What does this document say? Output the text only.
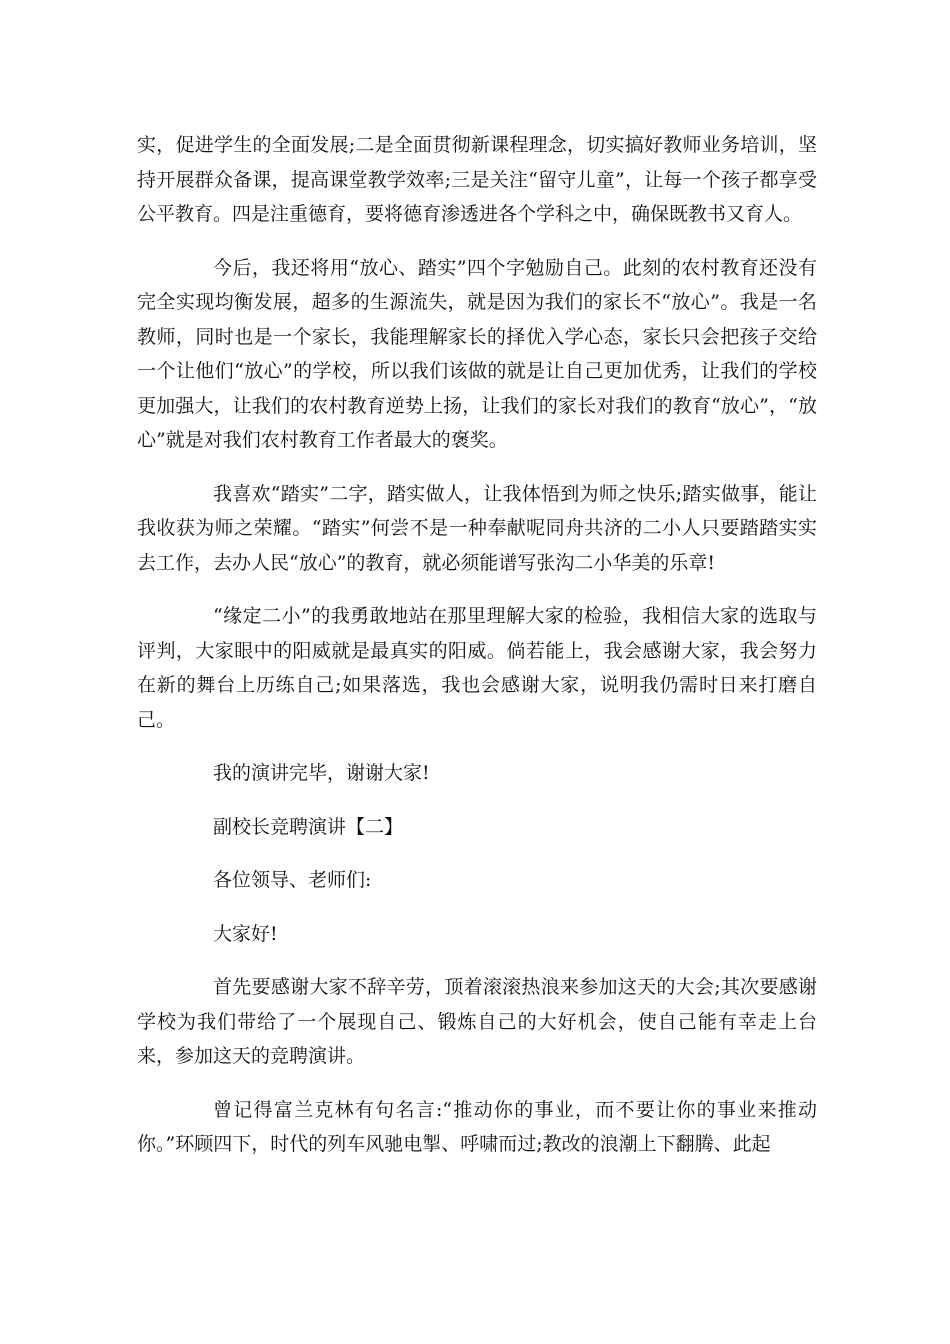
实，促进学生的全面发展;二是全面贯彻新课程理念，切实搞好教师业务培训，坚持开展群众备课，提高课堂教学效率;三是关注“留守儿童”，让每一个孩子都享受公平教育。四是注重德育，要将德育渗透进各个学科之中，确保既教书又育人。

今后，我还将用“放心、踏实”四个字勉励自己。此刻的农村教育还没有完全实现均衡发展，超多的生源流失，就是因为我们的家长不“放心”。我是一名教师，同时也是一个家长，我能理解家长的择优入学心态，家长只会把孩子交给一个让他们“放心”的学校，所以我们该做的就是让自己更加优秀，让我们的学校更加强大，让我们的农村教育逆势上扬，让我们的家长对我们的教育“放心”，“放心”就是对我们农村教育工作者最大的褒奖。

我喜欢“踏实”二字，踏实做人，让我体悟到为师之快乐;踏实做事，能让我收获为师之荣耀。“踏实”何尝不是一种奉献呢同舟共济的二小人只要踏踏实实去工作，去办人民“放心”的教育，就必须能谱写张沟二小华美的乐章!

“缘定二小”的我勇敢地站在那里理解大家的检验，我相信大家的选取与评判，大家眼中的阳威就是最真实的阳威。倘若能上，我会感谢大家，我会努力在新的舞台上历练自己;如果落选，我也会感谢大家，说明我仍需时日来打磨自己。

我的演讲完毕，谢谢大家!

副校长竞聘演讲【二】

各位领导、老师们:

大家好!

首先要感谢大家不辞辛劳，顶着滚滚热浪来参加这天的大会;其次要感谢学校为我们带给了一个展现自己、锻炼自己的大好机会，使自己能有幸走上台来，参加这天的竞聘演讲。

曾记得富兰克林有句名言:“推动你的事业，而不要让你的事业来推动你。”环顾四下，时代的列车风驰电掣、呼啸而过;教改的浪潮上下翻腾、此起
